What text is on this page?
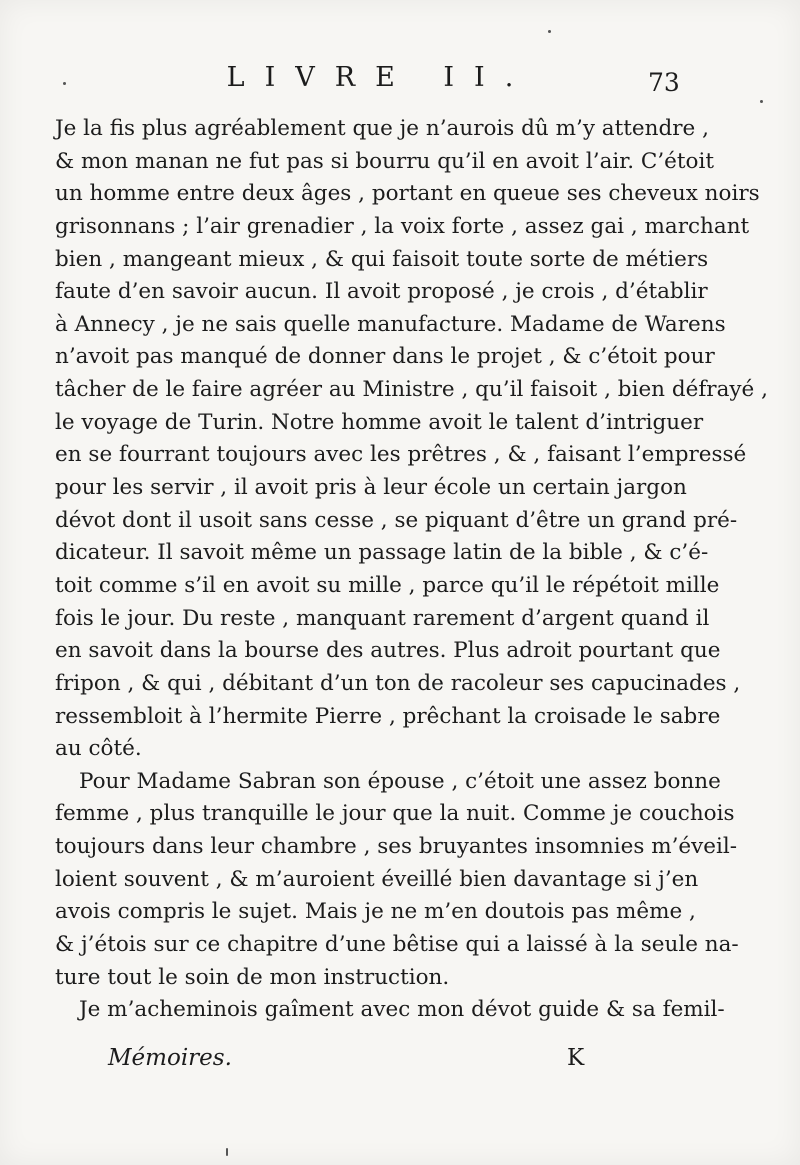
LIVRE II.	73
Je la fis plus agréablement que je n’aurois dû m’y attendre ,
& mon manan ne fut pas si bourru qu’il en avoit l’air. C’étoit
un homme entre deux âges , portant en queue ses cheveux noirs
grisonnans ; l’air grenadier , la voix forte , assez gai , marchant
bien , mangeant mieux , & qui faisoit toute sorte de métiers
faute d’en savoir aucun. Il avoit proposé , je crois , d’établir
à Annecy , je ne sais quelle manufacture. Madame de Warens
n’avoit pas manqué de donner dans le projet , & c’étoit pour
tâcher de le faire agréer au Ministre , qu’il faisoit , bien défrayé ,
le voyage de Turin. Notre homme avoit le talent d’intriguer
en se fourrant toujours avec les prêtres , & , faisant l’empressé
pour les servir , il avoit pris à leur école un certain jargon
dévot dont il usoit sans cesse , se piquant d’être un grand pré-
dicateur. Il savoit même un passage latin de la bible , & c’é-
toit comme s’il en avoit su mille , parce qu’il le répétoit mille
fois le jour. Du reste , manquant rarement d’argent quand il
en savoit dans la bourse des autres. Plus adroit pourtant que
fripon , & qui , débitant d’un ton de racoleur ses capucinades ,
ressembloit à l’hermite Pierre , prêchant la croisade le sabre
au côté.
Pour Madame Sabran son épouse , c’étoit une assez bonne
femme , plus tranquille le jour que la nuit. Comme je couchois
toujours dans leur chambre , ses bruyantes insomnies m’éveil-
loient souvent , & m’auroient éveillé bien davantage si j’en
avois compris le sujet. Mais je ne m’en doutois pas même ,
& j’étois sur ce chapitre d’une bêtise qui a laissé à la seule na-
ture tout le soin de mon instruction.
Je m’acheminois gaîment avec mon dévot guide & sa femil-
Mémoires.	K
